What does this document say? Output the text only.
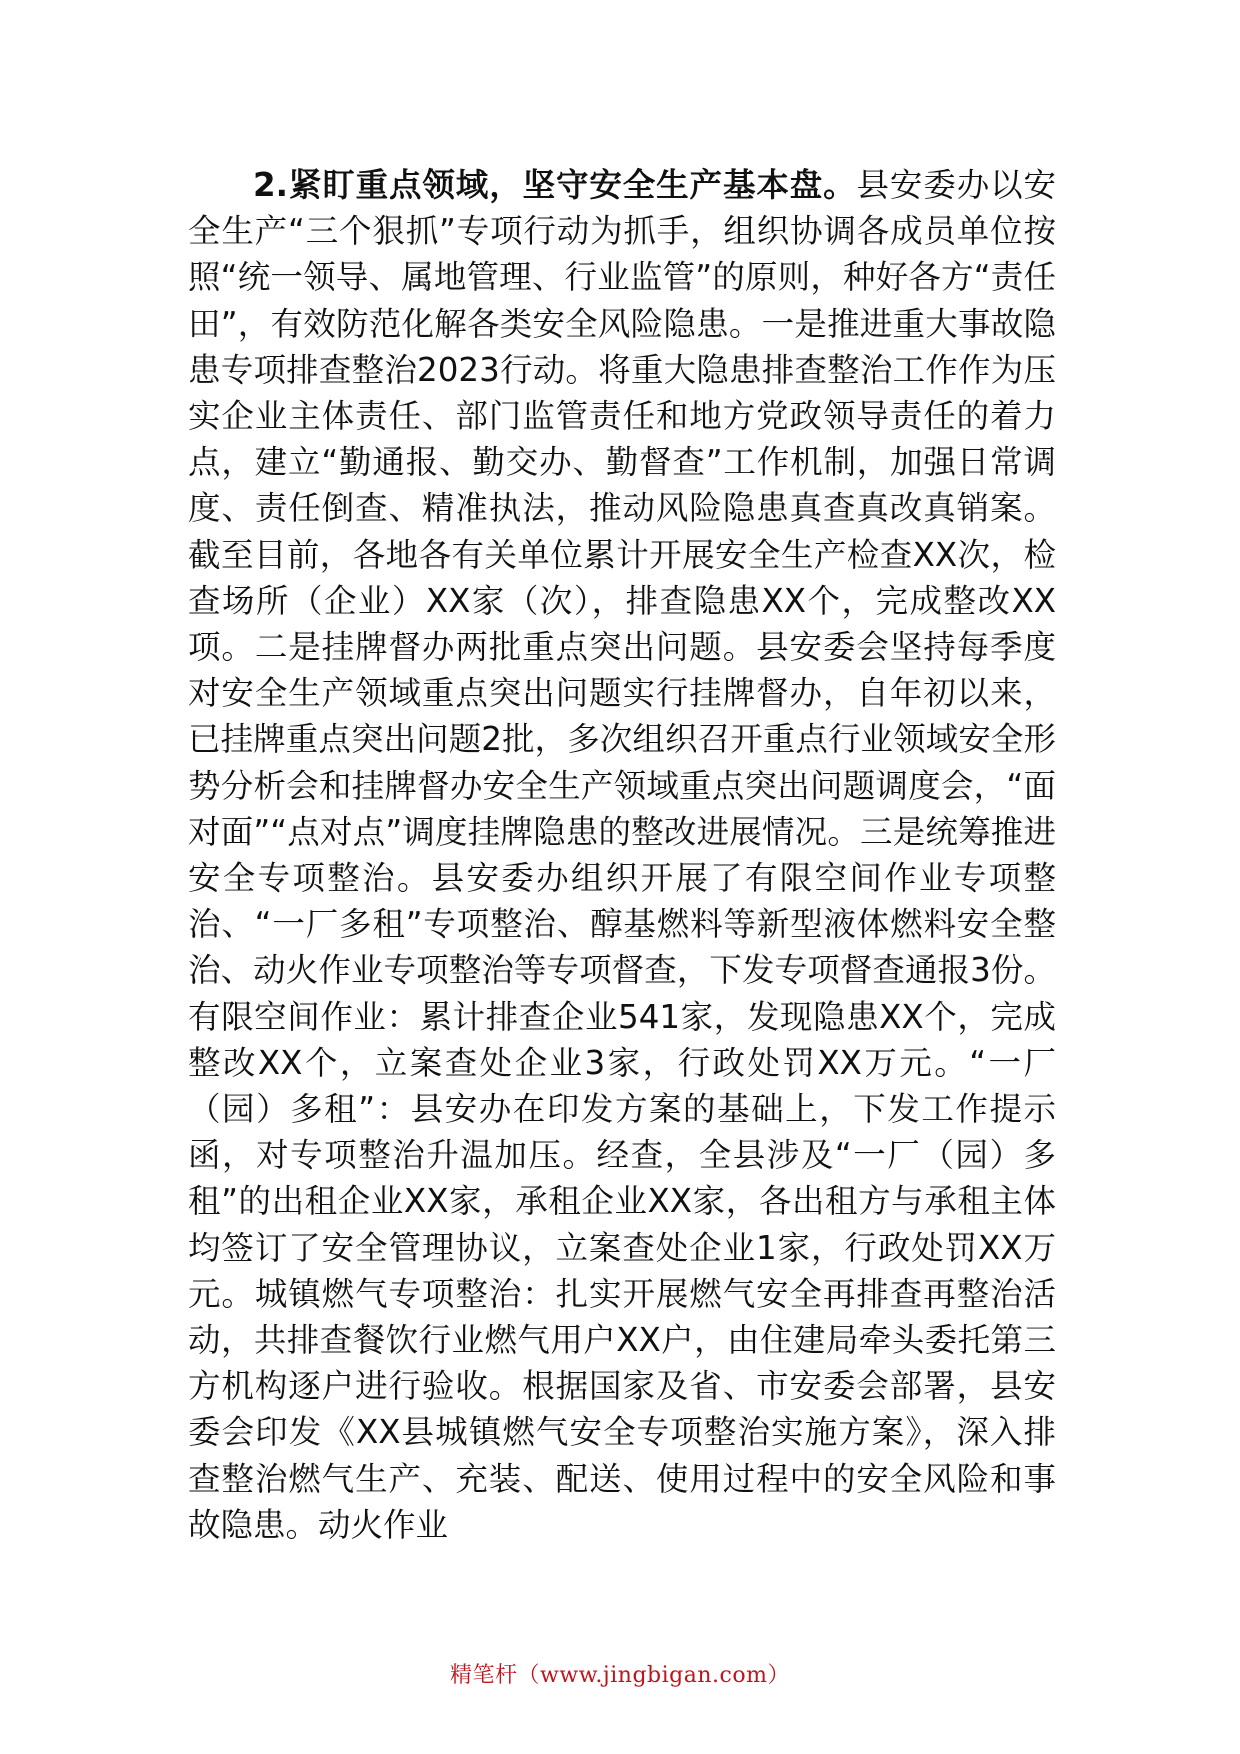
2.紧盯重点领域，坚守安全生产基本盘。县安委办以安全生产“三个狠抓”专项行动为抓手，组织协调各成员单位按照“统一领导、属地管理、行业监管”的原则，种好各方“责任田”，有效防范化解各类安全风险隐患。一是推进重大事故隐患专项排查整治2023行动。将重大隐患排查整治工作作为压实企业主体责任、部门监管责任和地方党政领导责任的着力点，建立“勤通报、勤交办、勤督查”工作机制，加强日常调度、责任倒查、精准执法，推动风险隐患真查真改真销案。截至目前，各地各有关单位累计开展安全生产检查XX次，检查场所（企业）XX家（次），排查隐患XX个，完成整改XX项。二是挂牌督办两批重点突出问题。县安委会坚持每季度对安全生产领域重点突出问题实行挂牌督办，自年初以来，已挂牌重点突出问题2批，多次组织召开重点行业领域安全形势分析会和挂牌督办安全生产领域重点突出问题调度会，“面对面”“点对点”调度挂牌隐患的整改进展情况。三是统筹推进安全专项整治。县安委办组织开展了有限空间作业专项整治、“一厂多租”专项整治、醇基燃料等新型液体燃料安全整治、动火作业专项整治等专项督查，下发专项督查通报3份。有限空间作业：累计排查企业541家，发现隐患XX个，完成整改XX个，立案查处企业3家，行政处罚XX万元。“一厂（园）多租”：县安办在印发方案的基础上，下发工作提示函，对专项整治升温加压。经查，全县涉及“一厂（园）多租”的出租企业XX家，承租企业XX家，各出租方与承租主体均签订了安全管理协议，立案查处企业1家，行政处罚XX万元。城镇燃气专项整治：扎实开展燃气安全再排查再整治活动，共排查餐饮行业燃气用户XX户，由住建局牵头委托第三方机构逐户进行验收。根据国家及省、市安委会部署，县安委会印发《XX县城镇燃气安全专项整治实施方案》，深入排查整治燃气生产、充装、配送、使用过程中的安全风险和事故隐患。动火作业

精笔杆（www.jingbigan.com）
